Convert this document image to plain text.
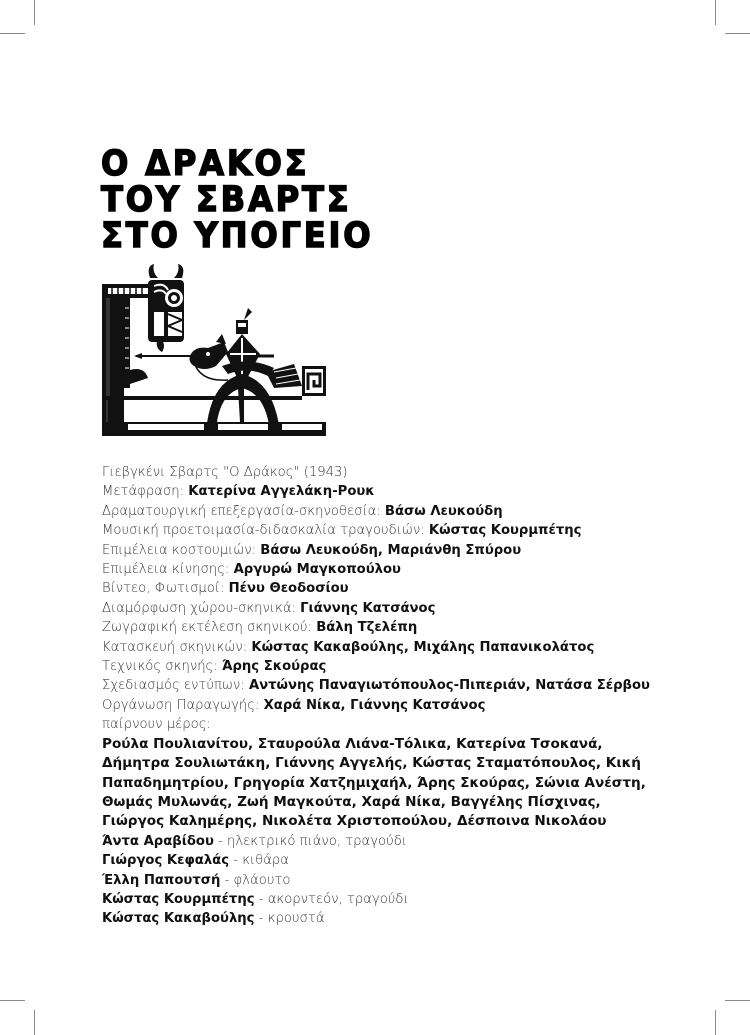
Ο ΔΡΑΚΟΣ
ΤΟΥ ΣΒΑΡΤΣ
ΣΤΟ ΥΠΟΓΕΙΟ
Γιεβγκένι Σβαρτς "Ο Δράκος" (1943)
Μετάφραση: Κατερίνα Αγγελάκη-Ρουκ
Δραματουργική επεξεργασία-σκηνοθεσία: Βάσω Λευκούδη
Μουσική προετοιμασία-διδασκαλία τραγουδιών: Κώστας Κουρμπέτης
Επιμέλεια κοστουμιών: Βάσω Λευκούδη, Μαριάνθη Σπύρου
Επιμέλεια κίνησης: Αργυρώ Μαγκοπούλου
Βίντεο, Φωτισμοί: Πένυ Θεοδοσίου
Διαμόρφωση χώρου-σκηνικά: Γιάννης Κατσάνος
Ζωγραφική εκτέλεση σκηνικού: Βάλη Τζελέπη
Κατασκευή σκηνικών: Κώστας Κακαβούλης, Μιχάλης Παπανικολάτος
Τεχνικός σκηνής: Άρης Σκούρας
Σχεδιασμός εντύπων: Αντώνης Παναγιωτόπουλος-Πιπεριάν, Νατάσα Σέρβου
Οργάνωση Παραγωγής: Χαρά Νίκα, Γιάννης Κατσάνος
παίρνουν μέρος:
Ρούλα Πουλιανίτου, Σταυρούλα Λιάνα-Τόλικα, Κατερίνα Τσοκανά, Δήμητρα Σουλιωτάκη, Γιάννης Αγγελής, Κώστας Σταματόπουλος, Κική Παπαδημητρίου, Γρηγορία Χατζημιχαήλ, Άρης Σκούρας, Σώνια Ανέστη, Θωμάς Μυλωνάς, Ζωή Μαγκούτα, Χαρά Νίκα, Βαγγέλης Πίσχινας, Γιώργος Καλημέρης, Νικολέτα Χριστοπούλου, Δέσποινα Νικολάου
Άντα Αραβίδου - ηλεκτρικό πιάνο, τραγούδι
Γιώργος Κεφαλάς - κιθάρα
Έλλη Παπουτσή - φλάουτο
Κώστας Κουρμπέτης - ακορντεόν, τραγούδι
Κώστας Κακαβούλης - κρουστά
